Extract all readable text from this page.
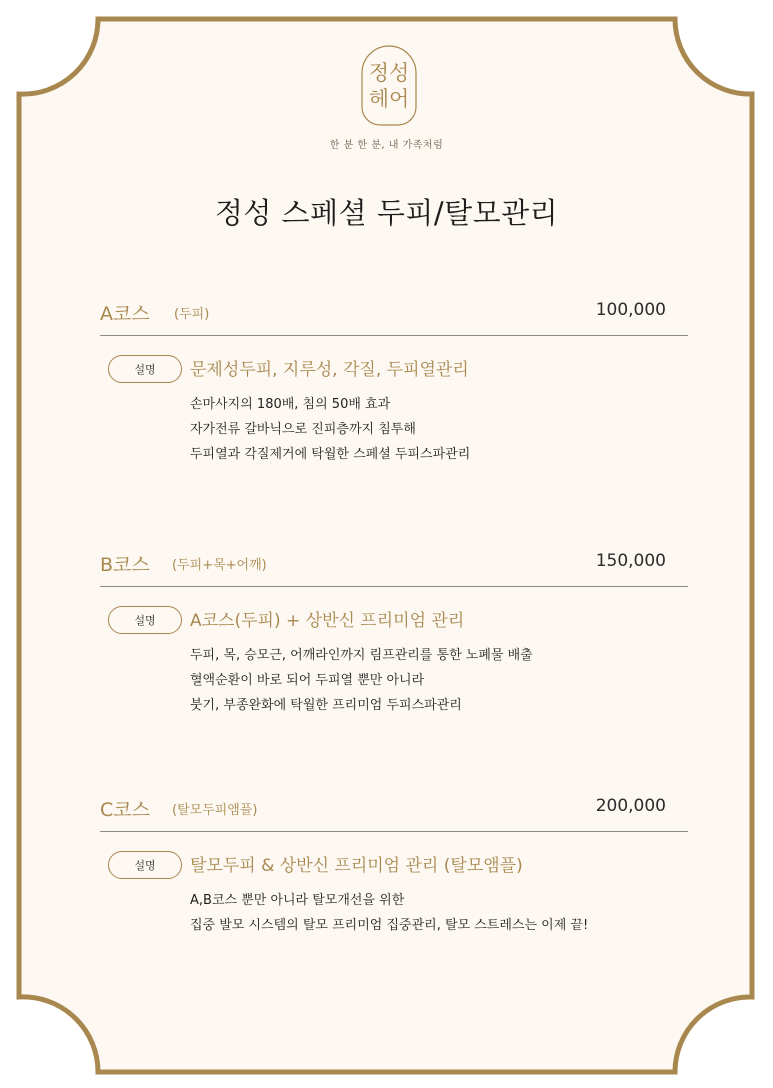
정성
헤어
한 분 한 분, 내 가족처럼
정성 스페셜 두피/탈모관리
A코스 (두피)	100,000
설명	문제성두피, 지루성, 각질, 두피열관리
손마사지의 180배, 침의 50배 효과
자가전류 갈바닉으로 진피층까지 침투해
두피열과 각질제거에 탁월한 스페셜 두피스파관리
B코스 (두피+목+어깨)	150,000
설명	A코스(두피) + 상반신 프리미엄 관리
두피, 목, 승모근, 어깨라인까지 림프관리를 통한 노폐물 배출
혈액순환이 바로 되어 두피열 뿐만 아니라
붓기, 부종완화에 탁월한 프리미엄 두피스파관리
C코스 (탈모두피앰플)	200,000
설명	탈모두피 & 상반신 프리미엄 관리 (탈모앰플)
A,B코스 뿐만 아니라 탈모개선을 위한
집중 발모 시스템의 탈모 프리미엄 집중관리, 탈모 스트레스는 이제 끝!
